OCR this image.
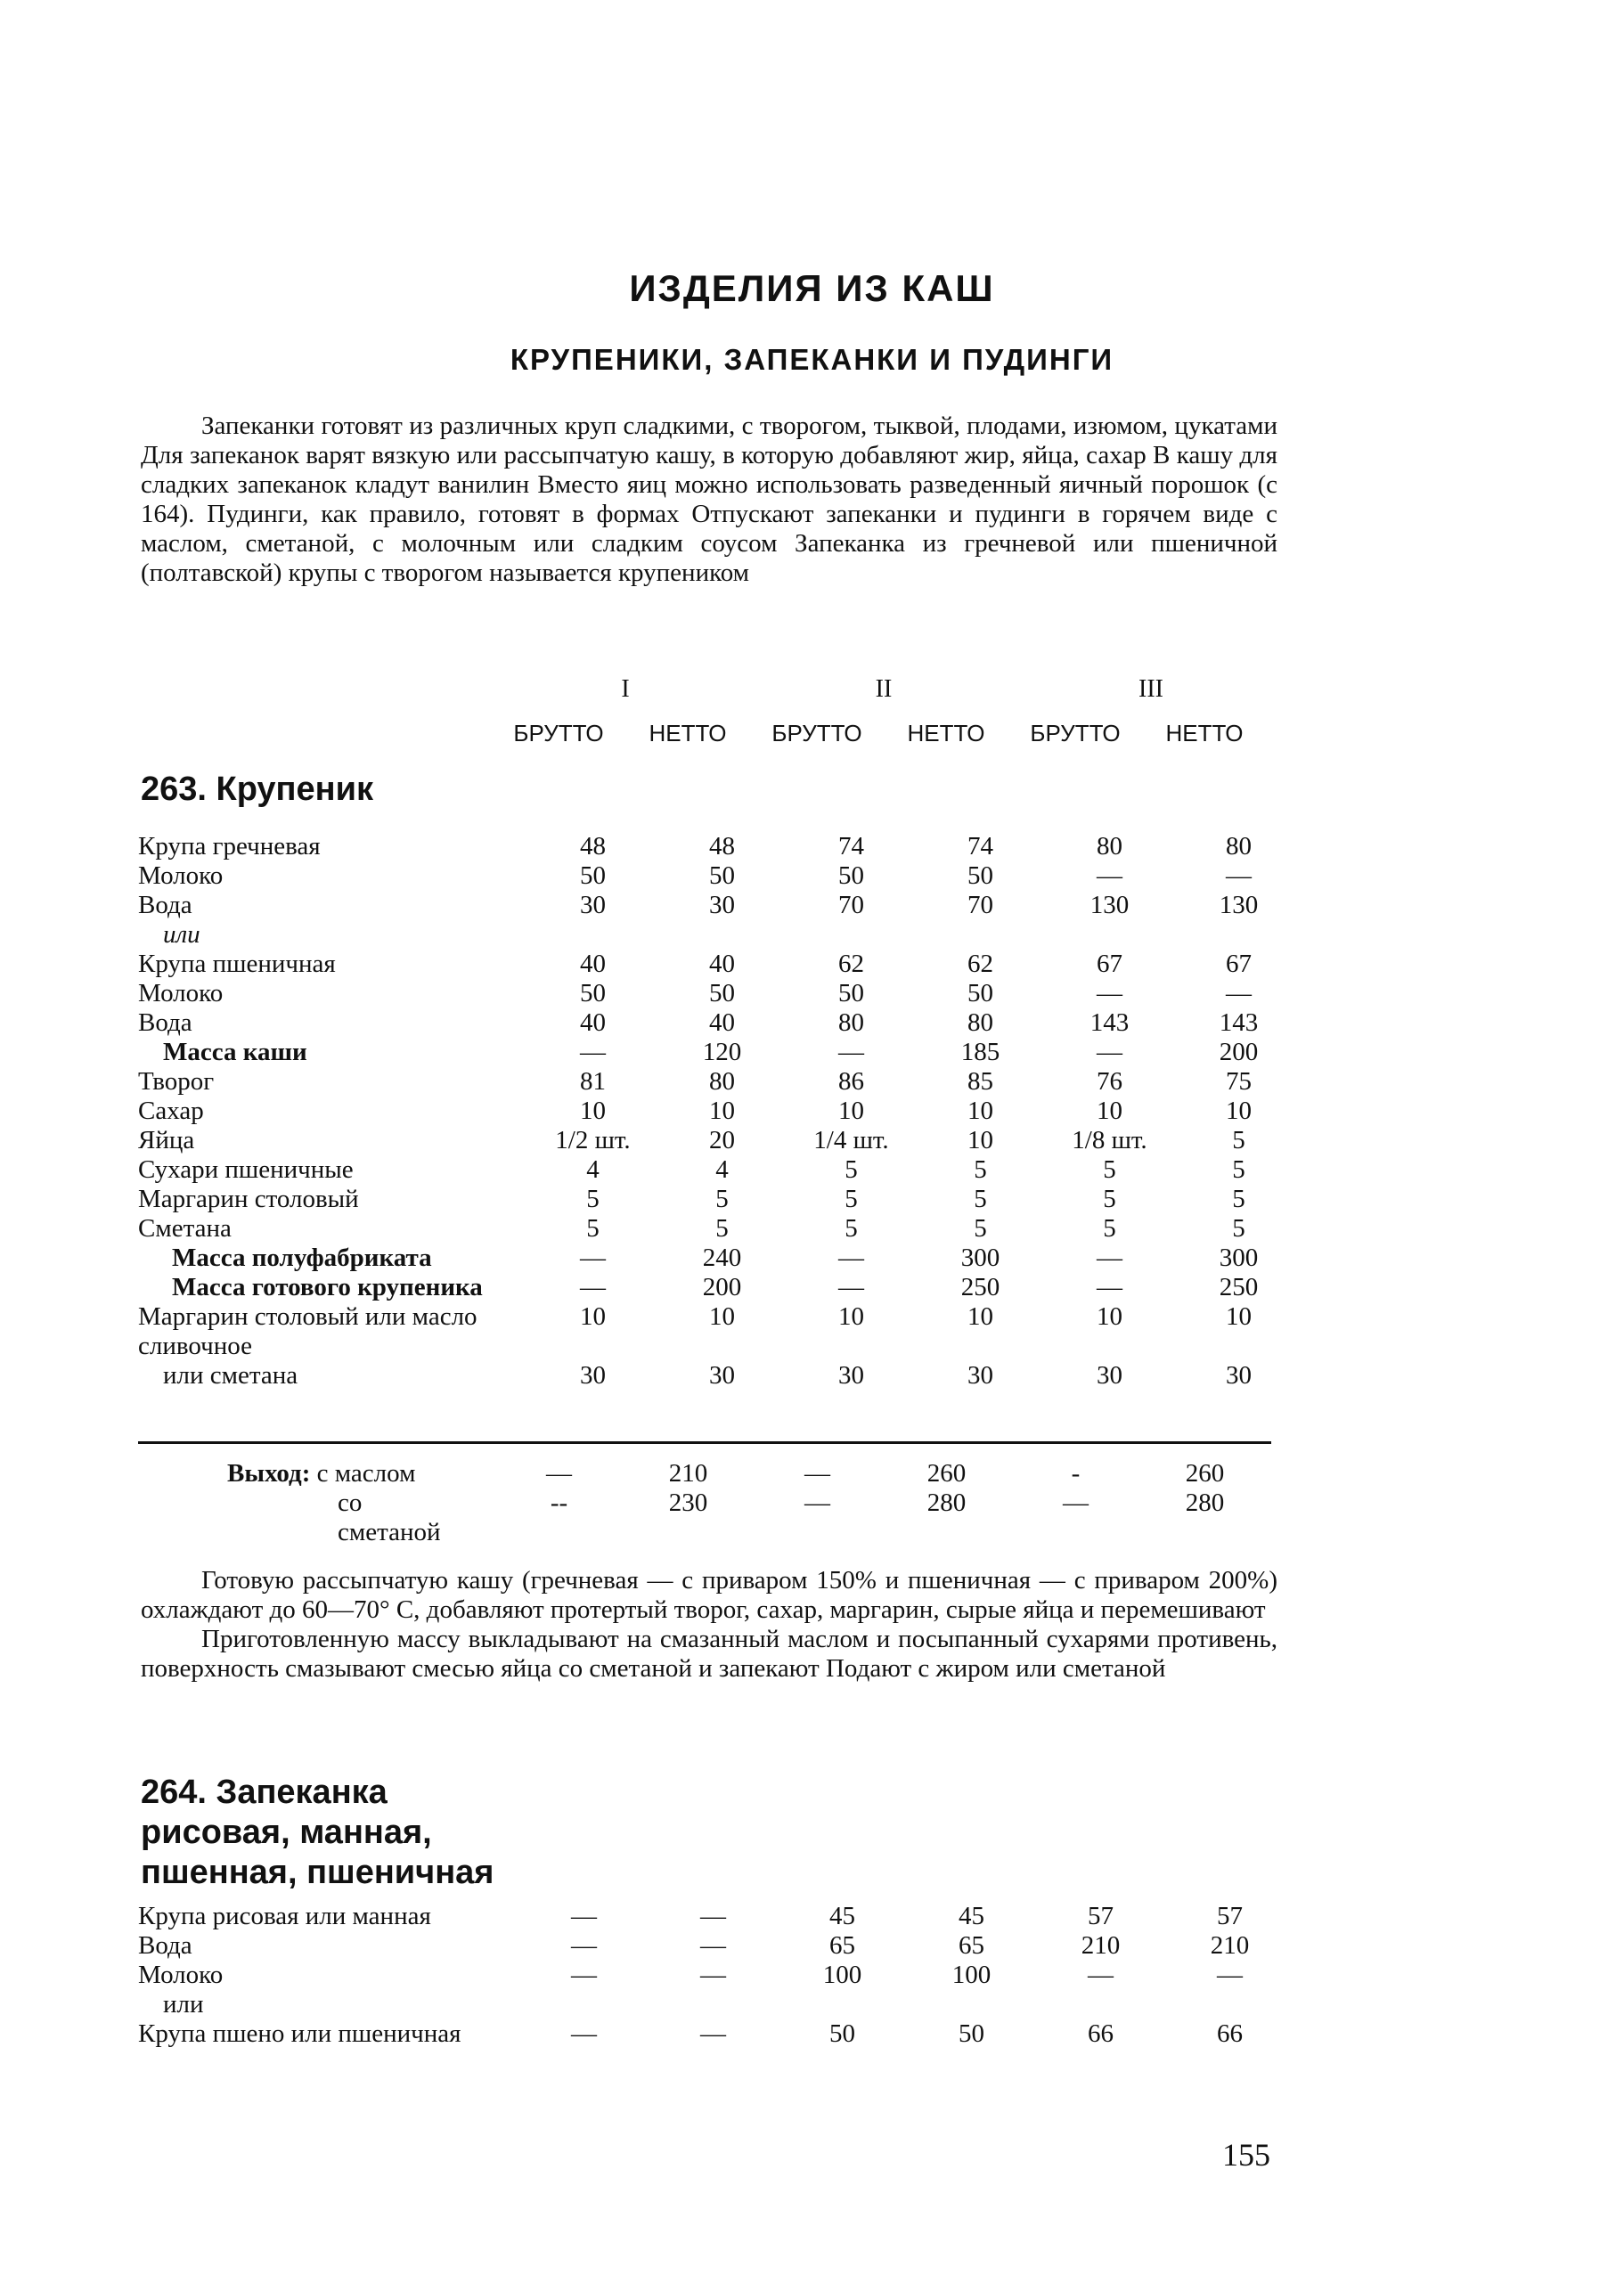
ИЗДЕЛИЯ ИЗ КАШ
КРУПЕНИКИ, ЗАПЕКАНКИ И ПУДИНГИ

Запеканки готовят из различных круп сладкими, с творогом, тыквой, плодами, изюмом, цукатами Для запеканок варят вязкую или рассыпчатую кашу, в которую добавляют жир, яйца, сахар В кашу для сладких запеканок кладут ванилин Вместо яиц можно использовать разведенный яичный порошок (с 164). Пудинги, как правило, готовят в формах Отпускают запеканки и пудинги в горячем виде с маслом, сметаной, с молочным или сладким соусом Запеканка из гречневой или пшеничной (полтавской) крупы с творогом называется крупеником

I	II	III
БРУТТО	НЕТТО	БРУТТО	НЕТТО	БРУТТО	НЕТТО
263. Крупеник
Крупа гречневая	48	48	74	74	80	80
Молоко	50	50	50	50	—	—
Вода	30	30	70	70	130	130
или						
Крупа пшеничная	40	40	62	62	67	67
Молоко	50	50	50	50	—	—
Вода	40	40	80	80	143	143
Масса каши	—	120	—	185	—	200
Творог	81	80	86	85	76	75
Сахар	10	10	10	10	10	10
Яйца	1/2 шт.	20	1/4 шт.	10	1/8 шт.	5
Сухари пшеничные	4	4	5	5	5	5
Маргарин столовый	5	5	5	5	5	5
Сметана	5	5	5	5	5	5
Масса полуфабриката	—	240	—	300	—	300
Масса готового крупеника	—	200	—	250	—	250
Маргарин столовый или масло сливочное	10	10	10	10	10	10
или сметана	30	30	30	30	30	30
Выход: с маслом	—	210	—	260	-	260

со сметаной	--	230	—	280	—	280

Готовую рассыпчатую кашу (гречневая — с приваром 150% и пшеничная — с приваром 200%) охлаждают до 60—70° С, добавляют протертый творог, сахар, маргарин, сырые яйца и перемешивают

Приготовленную массу выкладывают на смазанный маслом и посыпанный сухарями противень, поверхность смазывают смесью яйца со сметаной и запекают Подают с жиром или сметаной

264. Запеканка рисовая, манная, пшенная, пшеничная
Крупа рисовая или манная	—	—	45	45	57	57
Вода	—	—	65	65	210	210
Молоко	—	—	100	100	—	—
или						
Крупа пшено или пшеничная	—	—	50	50	66	66
155
